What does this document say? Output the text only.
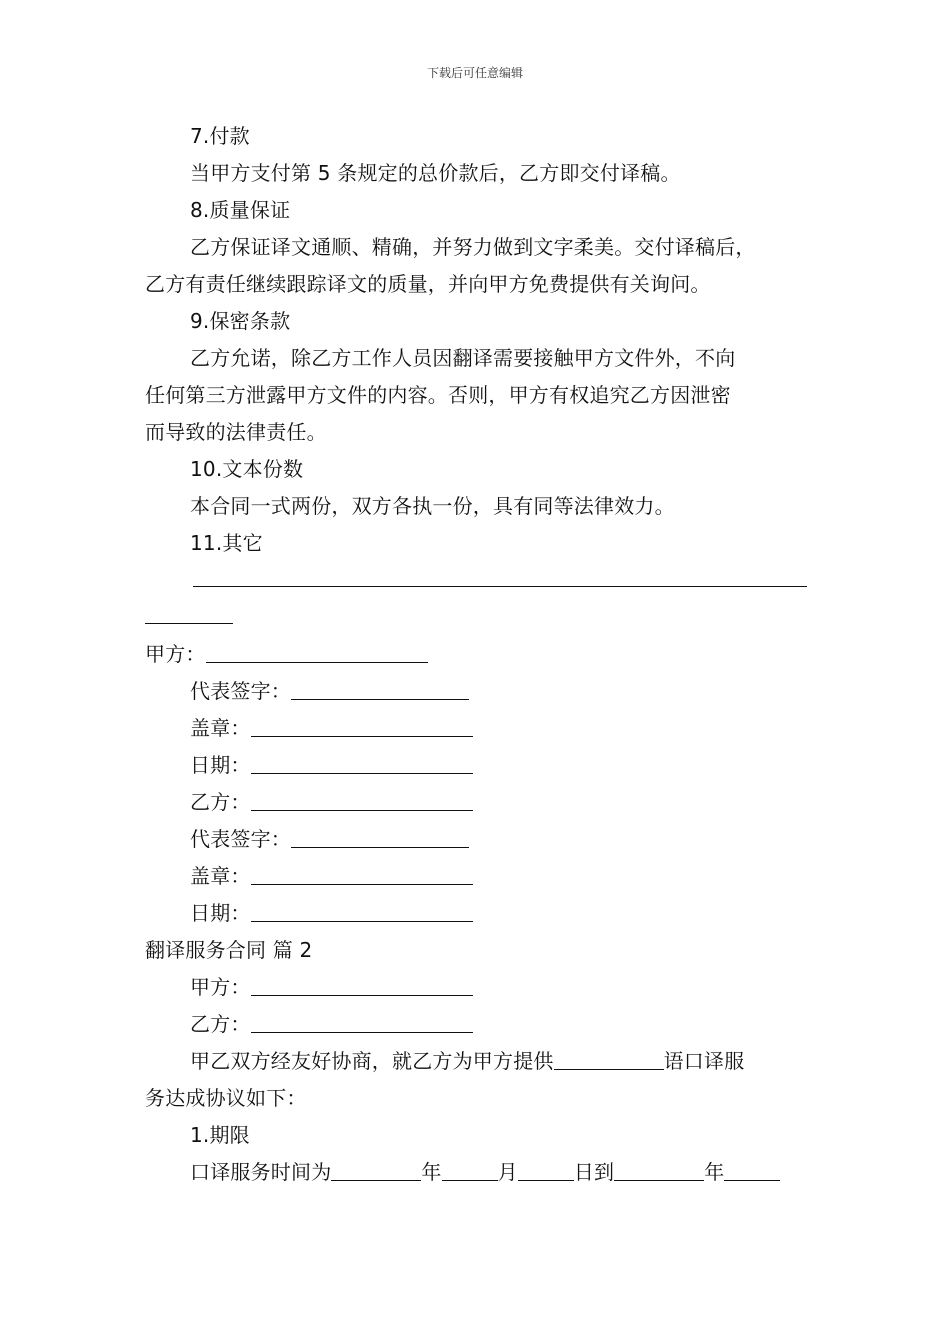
下载后可任意编辑
7.付款
当甲方支付第 5 条规定的总价款后，乙方即交付译稿。
8.质量保证
乙方保证译文通顺、精确，并努力做到文字柔美。交付译稿后，
乙方有责任继续跟踪译文的质量，并向甲方免费提供有关询问。
9.保密条款
乙方允诺，除乙方工作人员因翻译需要接触甲方文件外，不向
任何第三方泄露甲方文件的内容。否则，甲方有权追究乙方因泄密
而导致的法律责任。
10.文本份数
本合同一式两份，双方各执一份，具有同等法律效力。
11.其它
甲方：
代表签字：
盖章：
日期：
乙方：
代表签字：
盖章：
日期：
翻译服务合同 篇 2
甲方：
乙方：
甲乙双方经友好协商，就乙方为甲方提供	语口译服
务达成协议如下：
1.期限
口译服务时间为	年	月	日到	年
